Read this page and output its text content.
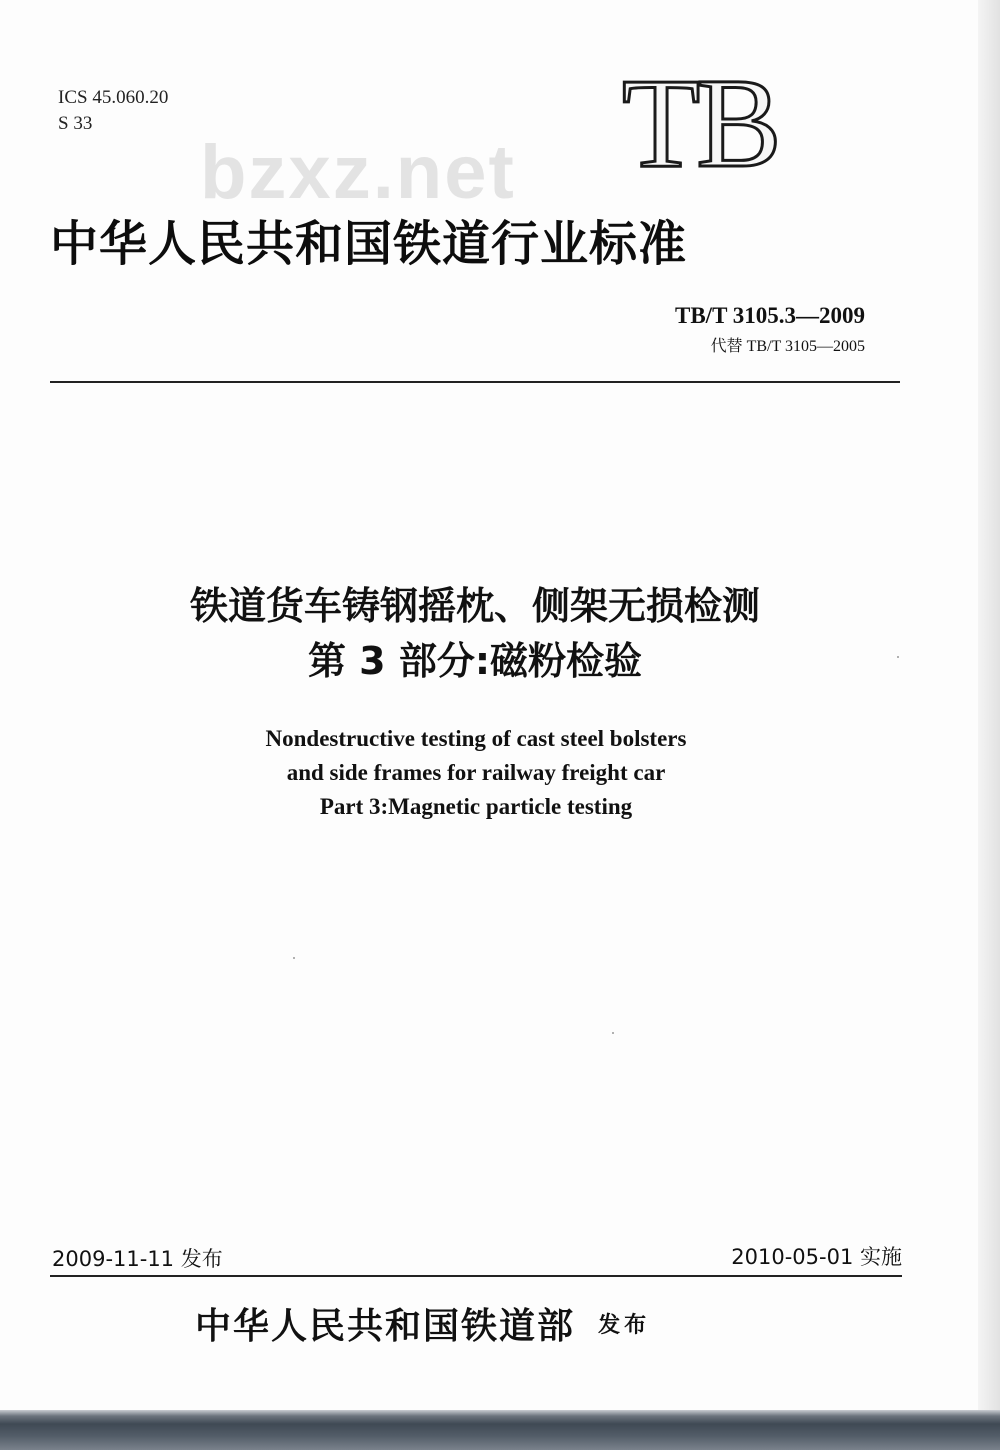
ICS 45.060.20
S 33	TB
bzxz.net
中华人民共和国铁道行业标准
TB/T 3105.3—2009
代替 TB/T 3105—2005
铁道货车铸钢摇枕、侧架无损检测
第 3 部分:磁粉检验
Nondestructive testing of cast steel bolsters
and side frames for railway freight car
Part 3:Magnetic particle testing
2009-11-11 发布	2010-05-01 实施
中华人民共和国铁道部 发布
